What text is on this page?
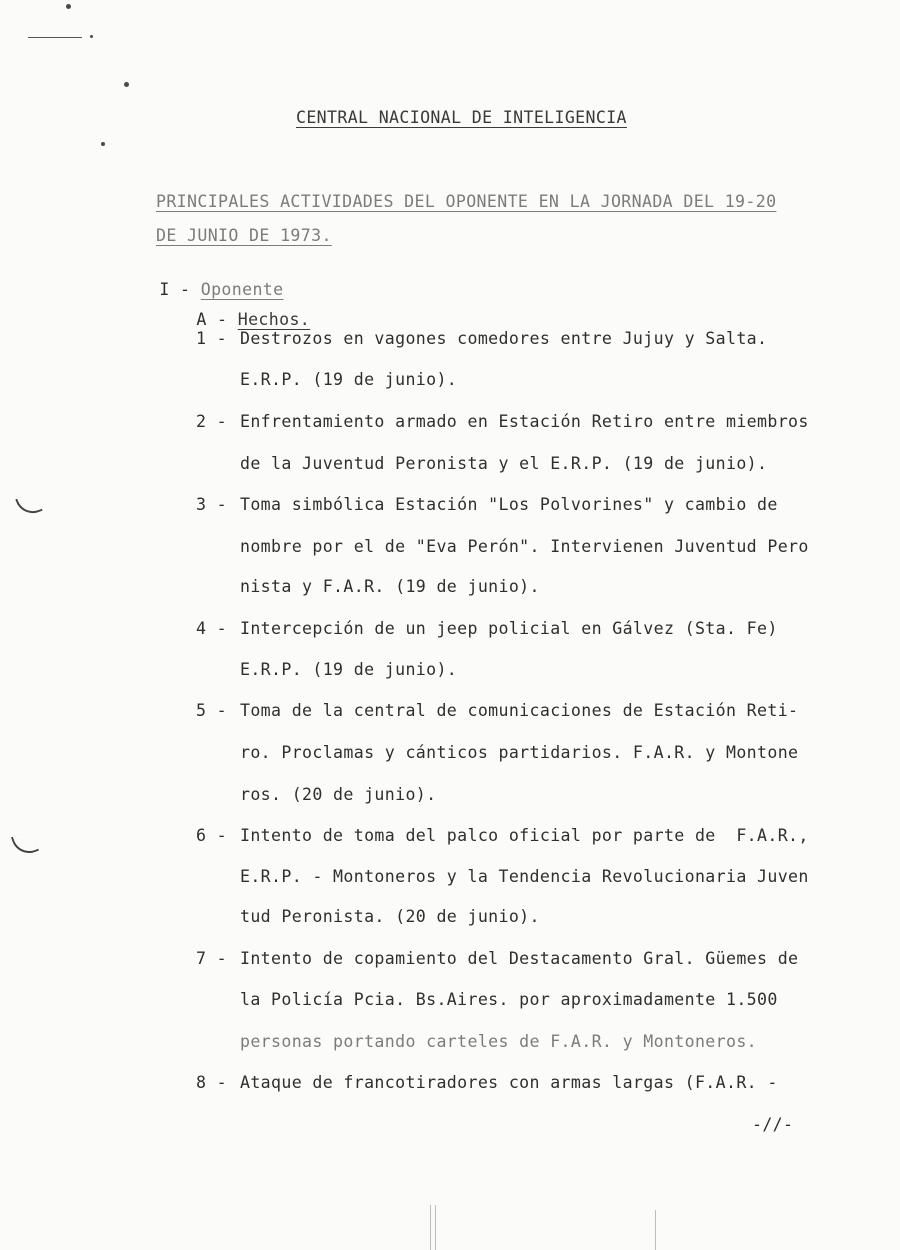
CENTRAL NACIONAL DE INTELIGENCIA
PRINCIPALES ACTIVIDADES DEL OPONENTE EN LA JORNADA DEL 19-20
DE JUNIO DE 1973.

I - Oponente

A - Hechos.

1 - Destrozos en vagones comedores entre Jujuy y Salta.
E.R.P. (19 de junio).
2 - Enfrentamiento armado en Estación Retiro entre miembros
de la Juventud Peronista y el E.R.P. (19 de junio).
3 - Toma simbólica Estación "Los Polvorines" y cambio de
nombre por el de "Eva Perón". Intervienen Juventud Pero
nista y F.A.R. (19 de junio).
4 - Intercepción de un jeep policial en Gálvez (Sta. Fe)
E.R.P. (19 de junio).
5 - Toma de la central de comunicaciones de Estación Reti-
ro. Proclamas y cánticos partidarios. F.A.R. y Montone
ros. (20 de junio).
6 - Intento de toma del palco oficial por parte de  F.A.R.,
E.R.P. - Montoneros y la Tendencia Revolucionaria Juven
tud Peronista. (20 de junio).
7 - Intento de copamiento del Destacamento Gral. Güemes de
la Policía Pcia. Bs.Aires. por aproximadamente 1.500
personas portando carteles de F.A.R. y Montoneros.
8 - Ataque de francotiradores con armas largas (F.A.R. -
-//-
